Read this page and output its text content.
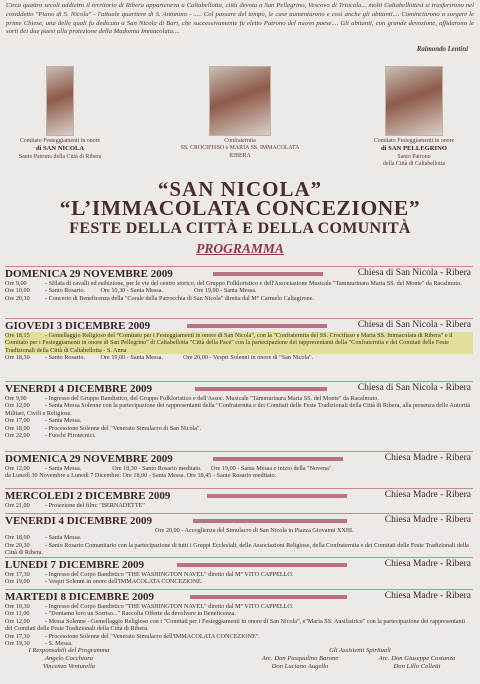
Circa quattro secoli addietro il territorio di Ribera apparteneva a Caltabellotta, città devota a San Pellegrino, Vescovo di Triocala... molti Caltabellottesi si trasferirono nel cosiddetto "Piano di S. Nicola" - l'attuale quartiere di S. Antonino - ..... Col passare del tempo, le case aumentarono e così anche gli abitanti.... Cominciarono a sorgere le prime Chiese, una delle quali fu dedicata a San Nicola di Bari, che successivamente fu eletto Patrono del nuovo paese.... Gli abitanti, con grande devozione, affidarono le sorti dei due paesi alla protezione della Madonna Immacolata....
Raimondo Lentini
Comitato Festeggiamenti in onore
di SAN NICOLA
Santo Patrono della Città di Ribera
Confraternita
SS. CROCIFISSO e MARIA SS. IMMACOLATA
RIBERA
Comitato Festeggiamenti in onore
di SAN PELLEGRINO
Santo Patrono
della Città di Caltabellotta
“SAN NICOLA”
“L’IMMACOLATA CONCEZIONE”
FESTE DELLA CITTÀ E DELLA COMUNITÀ
PROGRAMMA
DOMENICA 29 NOVEMBRE 2009	Chiesa di San Nicola - Ribera
Ore 9,00	- Sfilata di cavalli ed esibizione, per le vie del centro storico, del Gruppo Folkloristico e dell'Associazione Musicale "Tammurinara Maria SS. del Monte" da Racalmuto.
Ore 10,00 - Santo Rosario.          Ore 10,30 - Santa Messa.                    Ore 19,00 - Santa Messa.
Ore 20,30 - Concerto di Beneficenza della "Corale della Parrocchia di San Nicola" diretta dal M° Carmelo Caltagirone.
GIOVEDI 3 DICEMBRE 2009	Chiesa di San Nicola - Ribera
Ore 18,15 - Gemellaggio Religioso del "Comitato per i Festeggiamenti in onore di San Nicola", con la "Confraternita del SS. Crocifisso e Maria SS. Immacolata di Ribera" e il Comitato per i Festeggiamenti in onore di San Pellegrino" di Caltabellotta "Città della Pace" con la partecipazione dei rappresentanti della "Confraternita e dei Comitati delle Feste Tradizionali della Città di Caltabellotta - S. Anna
Ore 18,30 - Santo Rosario.          Ore 19,00 - Santa Messa.             Ore 20,00 - Vespri Solenni in onore di "San Nicola".
VENERDI 4 DICEMBRE 2009	Chiesa di San Nicola - Ribera
Ore 9,00	- Ingresso del Gruppo Bandistico, del Gruppo Folkloristico e dell'Assoc. Musicale "Tammurinara Maria SS. del Monte" da Racalmuto.
Ore 12,00 - Santa Messa Solenne con la partecipazione dei rappresentanti della "Confraternita e dei Comitati delle Feste Tradizionali della Città di Ribera, alla presenza delle Autorità Militari, Civili e Religiose.
Ore 17,00 - Santa Messa.
Ore 18,00 - Processione Solenne del "Venerato Simulacro di San Nicola".
Ore 22,00 - Fuochi Pirotecnici.
DOMENICA 29 NOVEMBRE 2009	Chiesa Madre - Ribera
Ore 12,00 - Santa Messa.                    Ore 18,30 - Santo Rosario meditato.      Ore 19,00 - Santa Messa e inizio della "Novena".
da Lunedì 30 Novembre a Lunedì 7 Dicembre: Ore 18,00 - Santa Messa. Ore 18,45 - Santo Rosario meditato.
MERCOLEDI 2 DICEMBRE 2009	Chiesa Madre - Ribera
Ore 21,00 - Proiezione del film: "BERNADETTE"
VENERDI 4 DICEMBRE 2009	Chiesa Madre - Ribera
Ore 20,00 - Accoglienza del Simulacro di San Nicola in Piazza Giovanni XXIII.
Ore 18,00 - Santa Messa.
Ore 20,30 - Santo Rosario Comunitario con la partecipazione di tutti i Gruppi Ecclesiali, delle Associazioni Religiose, della Confraternita e dei Comitati delle Feste Tradizionali della Città di Ribera.
LUNEDI 7 DICEMBRE 2009	Chiesa Madre - Ribera
Ore 17,30 - Ingresso del Corpo Bandistico "THE WASHINGTON NAVEL" diretto dal M° VITO CAPPELLO.
Ore 19,00 - Vespri Solenni in onore dell'IMMACOLATA CONCEZIONE.
MARTEDI 8 DICEMBRE 2009	Chiesa Madre - Ribera
Ore 10,30 - Ingresso del Corpo Bandistico "THE WASHINGTON NAVEL" diretto dal M° VITO CAPPELLO.
Ore 11,00 - "Doniamo loro un Sorriso..." Raccolta Offerte da devolvere in Beneficenza.
Ore 12,00 - Messa Solenne - Gemellaggio Religioso con i "Comitati per i Festeggiamenti in onore di San Nicola", e"Maria SS. Ausiliatrice" con la partecipazione dei rappresentanti dei Comitati delle Feste Tradizionali della Città di Ribera.
Ore 17,30 - Processione Solenne del "Venerato Simulacro dell'IMMACOLATA CONCEZIONE".
Ore 19,30 - S. Messa.
I Responsabili del Programma
Angelo Cocchiara
Vincenzo Venturella
Gli Assistenti Spirituali
Arc. Don Pasqualino Barone
Don Luciano Augello
Arc. Don Giuseppe Costanza
Don Lillo Colletti
